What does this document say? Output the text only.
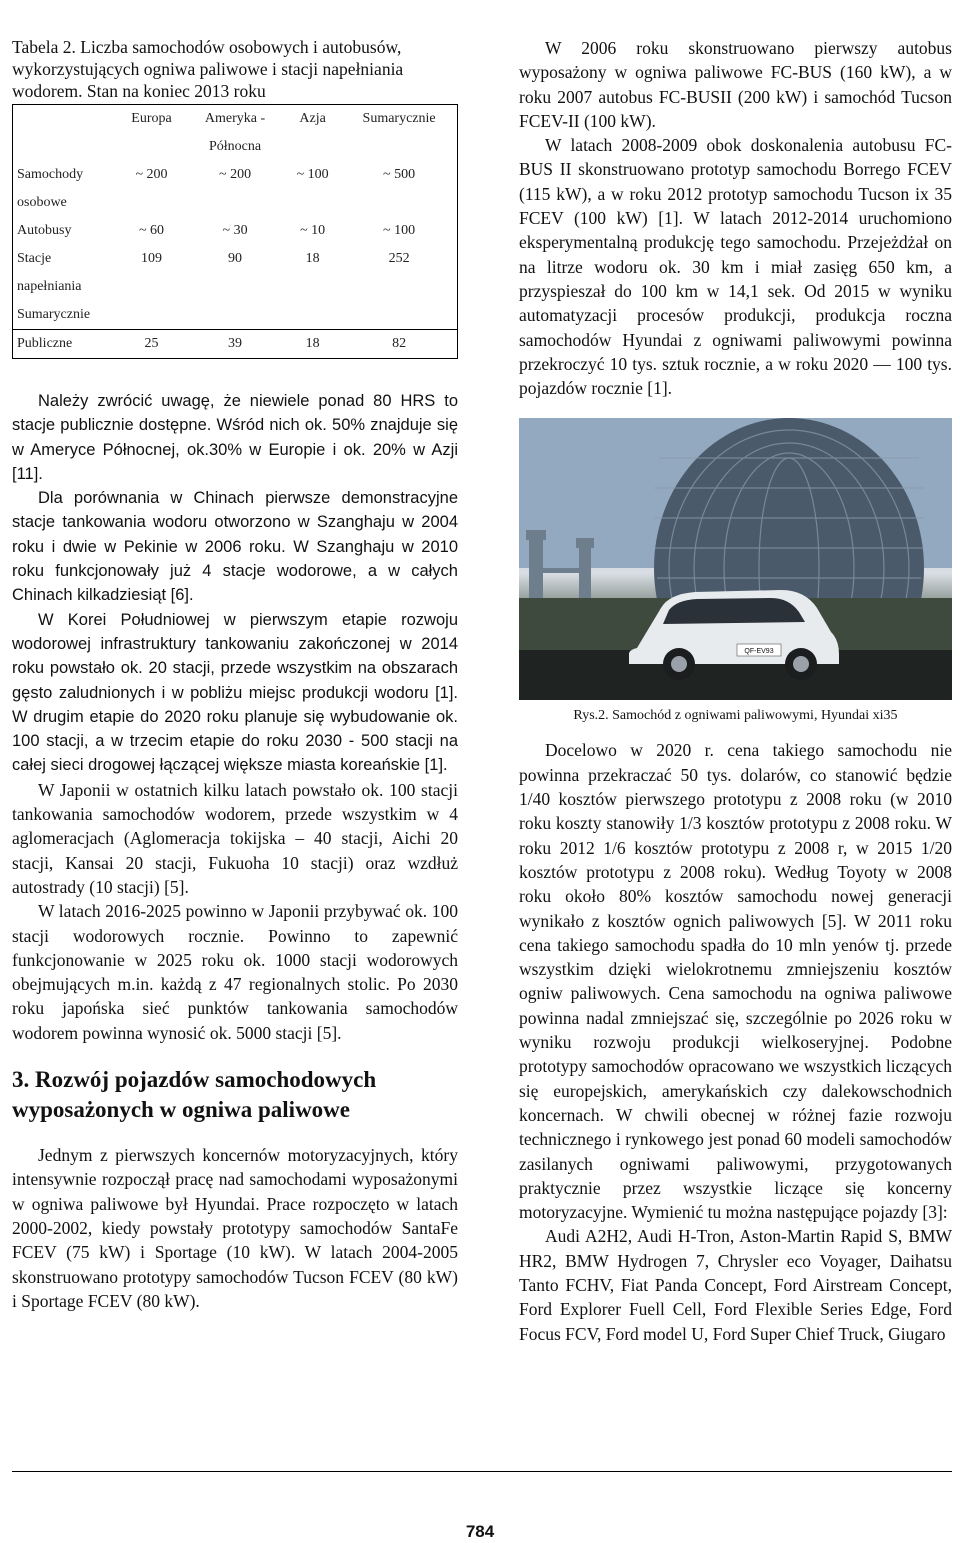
Tabela 2. Liczba samochodów osobowych i autobusów, wykorzystujących ogniwa paliwowe i stacji napełniania wodorem. Stan na koniec 2013 roku

	Europa	Ameryka - Północna	Azja	Sumarycznie
Samochody osobowe	~ 200	~ 200	~ 100	~ 500
Autobusy	~ 60	~ 30	~ 10	~ 100
Stacje napełniania Sumarycznie	109	90	18	252
Publiczne	25	39	18	82

Należy zwrócić uwagę, że niewiele ponad 80 HRS to stacje publicznie dostępne. Wśród nich ok. 50% znajduje się w Ameryce Północnej, ok.30% w Europie i ok. 20% w Azji [11].

Dla porównania w Chinach pierwsze demonstracyjne stacje tankowania wodoru otworzono w Szanghaju w 2004 roku i dwie w Pekinie w 2006 roku. W Szanghaju w 2010 roku funkcjonowały już 4 stacje wodorowe, a w całych Chinach kilkadziesiąt [6].

W Korei Południowej w pierwszym etapie rozwoju wodorowej infrastruktury tankowaniu zakończonej w 2014 roku powstało ok. 20 stacji, przede wszystkim na obszarach gęsto zaludnionych i w pobliżu miejsc produkcji wodoru [1]. W drugim etapie do 2020 roku planuje się wybudowanie ok. 100 stacji, a w trzecim etapie do roku 2030 - 500 stacji na całej sieci drogowej łączącej większe miasta koreańskie [1].

W Japonii w ostatnich kilku latach powstało ok. 100 stacji tankowania samochodów wodorem, przede wszystkim w 4 aglomeracjach (Aglomeracja tokijska – 40 stacji, Aichi 20 stacji, Kansai 20 stacji, Fukuoha 10 stacji) oraz wzdłuż autostrady (10 stacji) [5].

W latach 2016-2025 powinno w Japonii przybywać ok. 100 stacji wodorowych rocznie. Powinno to zapewnić funkcjonowanie w 2025 roku ok. 1000 stacji wodorowych obejmujących m.in. każdą z 47 regionalnych stolic. Po 2030 roku japońska sieć punktów tankowania samochodów wodorem powinna wynosić ok. 5000 stacji [5].

3. Rozwój pojazdów samochodowych wyposażonych w ogniwa paliwowe

Jednym z pierwszych koncernów motoryzacyjnych, który intensywnie rozpoczął pracę nad samochodami wyposażonymi w ogniwa paliwowe był Hyundai. Prace rozpoczęto w latach 2000-2002, kiedy powstały prototypy samochodów SantaFe FCEV (75 kW) i Sportage (10 kW). W latach 2004-2005 skonstruowano prototypy samochodów Tucson FCEV (80 kW) i Sportage FCEV (80 kW).

W 2006 roku skonstruowano pierwszy autobus wyposażony w ogniwa paliwowe FC-BUS (160 kW), a w roku 2007 autobus FC-BUSII (200 kW) i samochód Tucson FCEV-II (100 kW).

W latach 2008-2009 obok doskonalenia autobusu FC-BUS II skonstruowano prototyp samochodu Borrego FCEV (115 kW), a w roku 2012 prototyp samochodu Tucson ix 35 FCEV (100 kW) [1]. W latach 2012-2014 uruchomiono eksperymentalną produkcję tego samochodu. Przejeżdżał on na litrze wodoru ok. 30 km i miał zasięg 650 km, a przyspieszał do 100 km w 14,1 sek. Od 2015 w wyniku automatyzacji procesów produkcji, produkcja roczna samochodów Hyundai z ogniwami paliwowymi powinna przekroczyć 10 tys. sztuk rocznie, a w roku 2020 — 100 tys. pojazdów rocznie [1].

QF-EV93

Rys.2. Samochód z ogniwami paliwowymi, Hyundai xi35

Docelowo w 2020 r. cena takiego samochodu nie powinna przekraczać 50 tys. dolarów, co stanowić będzie 1/40 kosztów pierwszego prototypu z 2008 roku (w 2010 roku koszty stanowiły 1/3 kosztów prototypu z 2008 roku. W roku 2012 1/6 kosztów prototypu z 2008 r, w 2015 1/20 kosztów prototypu z 2008 roku). Według Toyoty w 2008 roku około 80% kosztów samochodu nowej generacji wynikało z kosztów ognich paliwowych [5]. W 2011 roku cena takiego samochodu spadła do 10 mln yenów tj. przede wszystkim dzięki wielokrotnemu zmniejszeniu kosztów ogniw paliwowych. Cena samochodu na ogniwa paliwowe powinna nadal zmniejszać się, szczególnie po 2026 roku w wyniku rozwoju produkcji wielkoseryjnej. Podobne prototypy samochodów opracowano we wszystkich liczących się europejskich, amerykańskich czy dalekowschodnich koncernach. W chwili obecnej w różnej fazie rozwoju technicznego i rynkowego jest ponad 60 modeli samochodów zasilanych ogniwami paliwowymi, przygotowanych praktycznie przez wszystkie liczące się koncerny motoryzacyjne. Wymienić tu można następujące pojazdy [3]:

Audi A2H2, Audi H-Tron, Aston-Martin Rapid S, BMW HR2, BMW Hydrogen 7, Chrysler eco Voyager, Daihatsu Tanto FCHV, Fiat Panda Concept, Ford Airstream Concept, Ford Explorer Fuell Cell, Ford Flexible Series Edge, Ford Focus FCV, Ford model U, Ford Super Chief Truck, Giugaro

784
